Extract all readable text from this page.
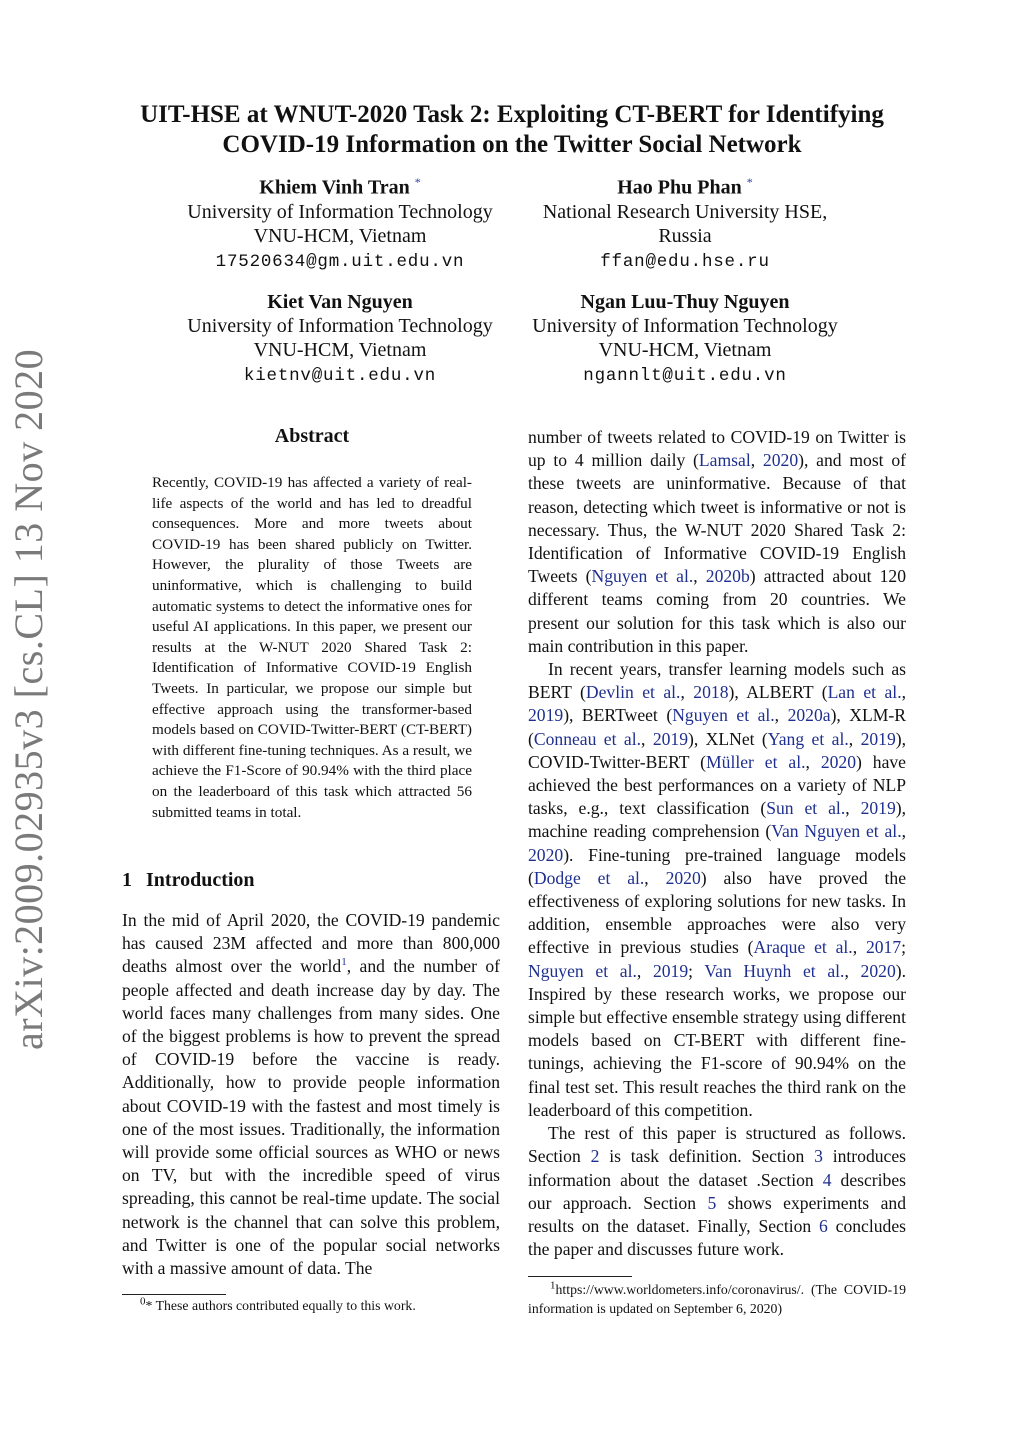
UIT-HSE at WNUT-2020 Task 2: Exploiting CT-BERT for Identifying
COVID-19 Information on the Twitter Social Network
Khiem Vinh Tran *
University of Information Technology
VNU-HCM, Vietnam
17520634@gm.uit.edu.vn
Hao Phu Phan *
National Research University HSE,
Russia
ffan@edu.hse.ru
Kiet Van Nguyen
University of Information Technology
VNU-HCM, Vietnam
kietnv@uit.edu.vn
Ngan Luu-Thuy Nguyen
University of Information Technology
VNU-HCM, Vietnam
ngannlt@uit.edu.vn
arXiv:2009.02935v3 [cs.CL] 13 Nov 2020	Abstract
Recently, COVID-19 has affected a variety of real-life aspects of the world and has led to dreadful consequences. More and more tweets about COVID-19 has been shared publicly on Twitter. However, the plurality of those Tweets are uninformative, which is challenging to build automatic systems to detect the informative ones for useful AI applications. In this paper, we present our results at the W-NUT 2020 Shared Task 2: Identification of Informative COVID-19 English Tweets. In particular, we propose our simple but effective approach using the transformer-based models based on COVID-Twitter-BERT (CT-BERT) with different fine-tuning techniques. As a result, we achieve the F1-Score of 90.94% with the third place on the leaderboard of this task which attracted 56 submitted teams in total.
1 Introduction

In the mid of April 2020, the COVID-19 pandemic has caused 23M affected and more than 800,000 deaths almost over the world$^1$, and the number of people affected and death increase day by day. The world faces many challenges from many sides. One of the biggest problems is how to prevent the spread of COVID-19 before the vaccine is ready. Additionally, how to provide people information about COVID-19 with the fastest and most timely is one of the most issues. Traditionally, the information will provide some official sources as WHO or news on TV, but with the incredible speed of virus spreading, this cannot be real-time update. The social network is the channel that can solve this problem, and Twitter is one of the popular social networks with a massive amount of data. The

number of tweets related to COVID-19 on Twitter is up to 4 million daily (Lamsal, 2020), and most of these tweets are uninformative. Because of that reason, detecting which tweet is informative or not is necessary. Thus, the W-NUT 2020 Shared Task 2: Identification of Informative COVID-19 English Tweets (Nguyen et al., 2020b) attracted about 120 different teams coming from 20 countries. We present our solution for this task which is also our main contribution in this paper.

In recent years, transfer learning models such as BERT (Devlin et al., 2018), ALBERT (Lan et al., 2019), BERTweet (Nguyen et al., 2020a), XLM-R (Conneau et al., 2019), XLNet (Yang et al., 2019), COVID-Twitter-BERT (Müller et al., 2020) have achieved the best performances on a variety of NLP tasks, e.g., text classification (Sun et al., 2019), machine reading comprehension (Van Nguyen et al., 2020). Fine-tuning pre-trained language models (Dodge et al., 2020) also have proved the effectiveness of exploring solutions for new tasks. In addition, ensemble approaches were also very effective in previous studies (Araque et al., 2017; Nguyen et al., 2019; Van Huynh et al., 2020). Inspired by these research works, we propose our simple but effective ensemble strategy using different models based on CT-BERT with different fine-tunings, achieving the F1-score of 90.94% on the final test set. This result reaches the third rank on the leaderboard of this competition.

The rest of this paper is structured as follows. Section 2 is task definition. Section 3 introduces information about the dataset .Section 4 describes our approach. Section 5 shows experiments and results on the dataset. Finally, Section 6 concludes the paper and discusses future work.

$^0$* These authors contributed equally to this work.
$^1$https://www.worldometers.info/coronavirus/. (The COVID-19 information is updated on September 6, 2020)
